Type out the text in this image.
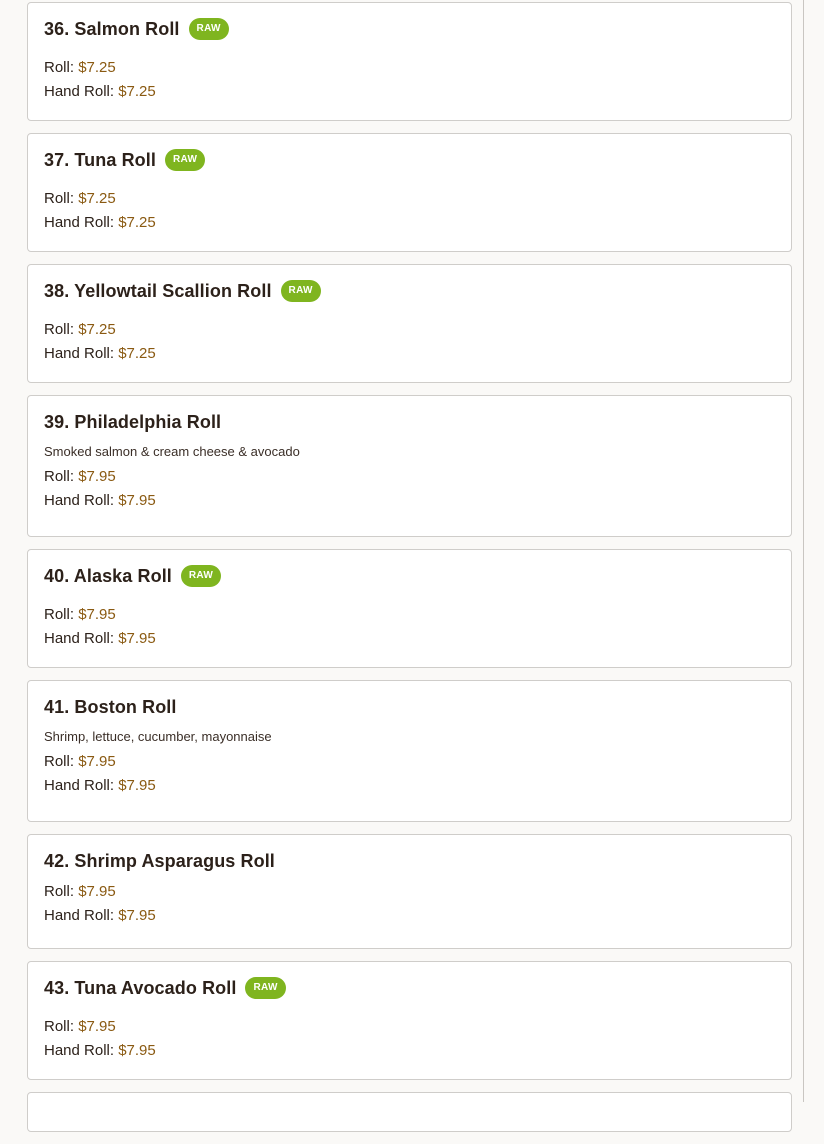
36. Salmon Roll	RAW
Roll: $7.25
Hand Roll: $7.25
37. Tuna Roll	RAW
Roll: $7.25
Hand Roll: $7.25
38. Yellowtail Scallion Roll	RAW
Roll: $7.25
Hand Roll: $7.25
39. Philadelphia Roll
Smoked salmon & cream cheese & avocado
Roll: $7.95
Hand Roll: $7.95
40. Alaska Roll	RAW
Roll: $7.95
Hand Roll: $7.95
41. Boston Roll
Shrimp, lettuce, cucumber, mayonnaise
Roll: $7.95
Hand Roll: $7.95
42. Shrimp Asparagus Roll
Roll: $7.95
Hand Roll: $7.95
43. Tuna Avocado Roll	RAW
Roll: $7.95
Hand Roll: $7.95
